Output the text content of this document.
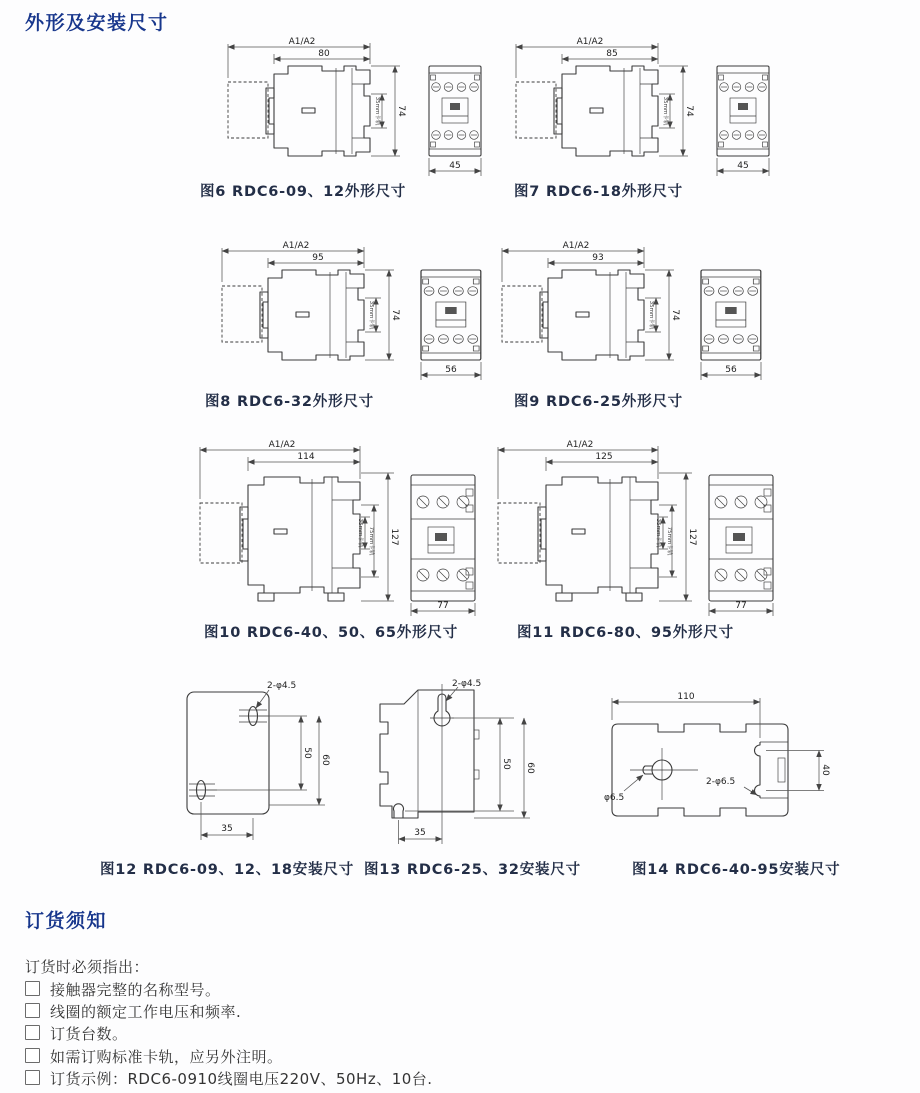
外形及安装尺寸
A1/A2
80
74
35mm卡轨
45
图6 RDC6-09、12外形尺寸
A1/A2
85
74
35mm卡轨
45
图7 RDC6-18外形尺寸
A1/A2
95
74
35mm卡轨
56
图8 RDC6-32外形尺寸
A1/A2
93
74
35mm卡轨
56
图9 RDC6-25外形尺寸
A1/A2
114
127
35mm卡轨 75mm卡轨
77
图10 RDC6-40、50、65外形尺寸
A1/A2
125
127
35mm卡轨 75mm卡轨
77
图11 RDC6-80、95外形尺寸
2-φ4.5
50
60
35
图12 RDC6-09、12、18安装尺寸
2-φ4.5
50 60
35
图13 RDC6-25、32安装尺寸
φ6.5
110
40
2-φ6.5
图14 RDC6-40-95安装尺寸
订货须知
订货时必须指出：
接触器完整的名称型号。
线圈的额定工作电压和频率.
订货台数。
如需订购标准卡轨，应另外注明。
订货示例：RDC6-0910线圈电压220V、50Hz、10台.
